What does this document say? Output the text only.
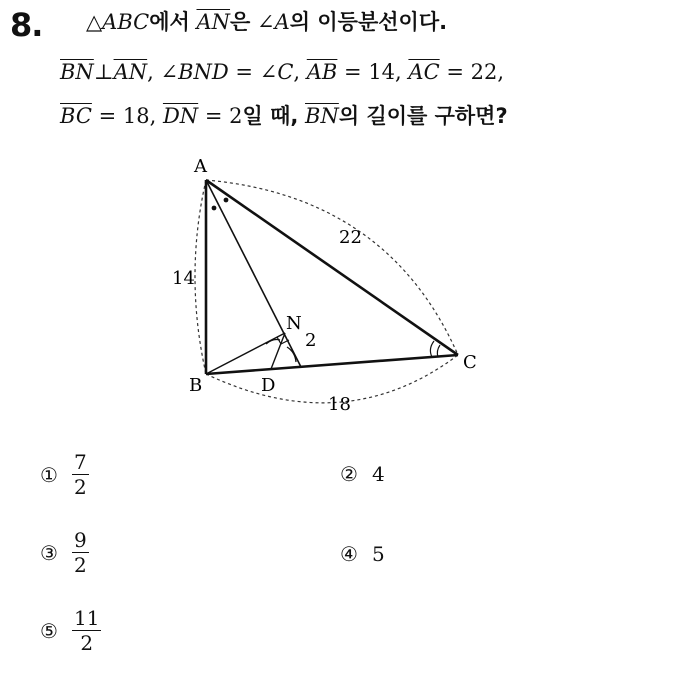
8. △ABC에서 $\overline{AN}$은 ∠A의 이등분선이다.
$\overline{BN}\perp\overline{AN}$, ∠BND = ∠C, $\overline{AB} = 14$, $\overline{AC} = 22$,
$\overline{BC} = 18$, $\overline{DN} = 2$일 때, $\overline{BN}$의 길이를 구하면?
A
B
C
D
N
14
22
18
2
① $\frac{7}{2}$	② 4
③ $\frac{9}{2}$	④ 5
⑤ $\frac{11}{2}$
